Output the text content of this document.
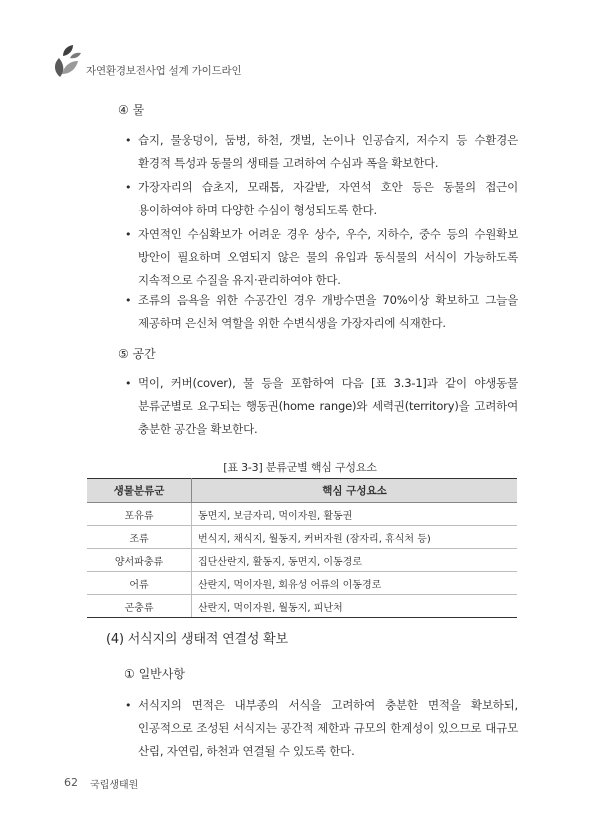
자연환경보전사업 설계 가이드라인
④ 물
• 습지, 물웅덩이, 둠벙, 하천, 갯벌, 논이나 인공습지, 저수지 등 수환경은
환경적 특성과 동물의 생태를 고려하여 수심과 폭을 확보한다.
• 가장자리의 습초지, 모래톱, 자갈밭, 자연석 호안 등은 동물의 접근이
용이하여야 하며 다양한 수심이 형성되도록 한다.
• 자연적인 수심확보가 어려운 경우 상수, 우수, 지하수, 중수 등의 수원확보
방안이 필요하며 오염되지 않은 물의 유입과 동식물의 서식이 가능하도록
지속적으로 수질을 유지·관리하여야 한다.
• 조류의 음욕을 위한 수공간인 경우 개방수면을 70%이상 확보하고 그늘을
제공하며 은신처 역할을 위한 수변식생을 가장자리에 식재한다.
⑤ 공간
• 먹이, 커버(cover), 물 등을 포함하여 다음 [표 3.3-1]과 같이 야생동물
분류군별로 요구되는 행동권(home range)와 세력권(territory)을 고려하여
충분한 공간을 확보한다.
[표 3-3] 분류군별 핵심 구성요소
생물분류군	핵심 구성요소
포유류	동면지, 보금자리, 먹이자원, 활동권
조류	번식지, 채식지, 월동지, 커버자원 (잠자리, 휴식처 등)
양서파충류	집단산란지, 활동지, 동면지, 이동경로
어류	산란지, 먹이자원, 회유성 어류의 이동경로
곤충류	산란지, 먹이자원, 월동지, 피난처
(4) 서식지의 생태적 연결성 확보
① 일반사항
• 서식지의 면적은 내부종의 서식을 고려하여 충분한 면적을 확보하되,
인공적으로 조성된 서식지는 공간적 제한과 규모의 한계성이 있으므로 대규모
산림, 자연림, 하천과 연결될 수 있도록 한다.
62 국립생태원
